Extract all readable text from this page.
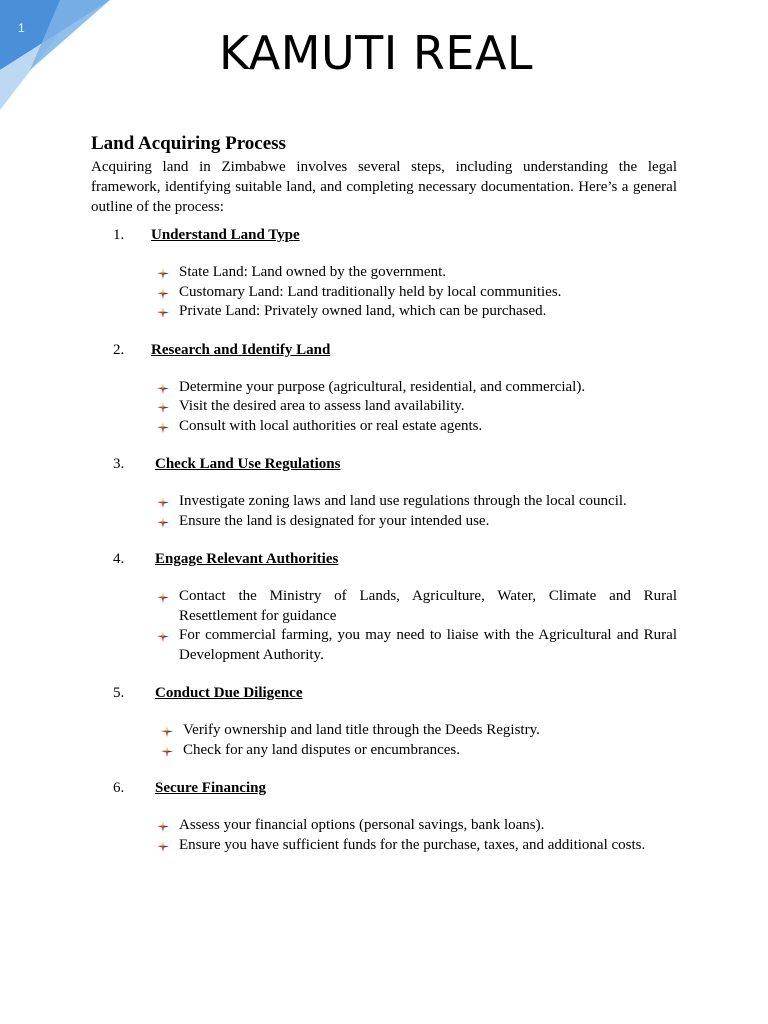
1	KAMUTI REAL
Land Acquiring Process

Acquiring land in Zimbabwe involves several steps, including understanding the legal framework, identifying suitable land, and completing necessary documentation. Here’s a general outline of the process:

1.	Understand Land Type
State Land: Land owned by the government.
Customary Land: Land traditionally held by local communities.
Private Land: Privately owned land, which can be purchased.
2.	Research and Identify Land
Determine your purpose (agricultural, residential, and commercial).
Visit the desired area to assess land availability.
Consult with local authorities or real estate agents.
3.	Check Land Use Regulations
Investigate zoning laws and land use regulations through the local council.
Ensure the land is designated for your intended use.
4.	Engage Relevant Authorities
Contact the Ministry of Lands, Agriculture, Water, Climate and Rural Resettlement for guidance
For commercial farming, you may need to liaise with the Agricultural and Rural Development Authority.
5.	Conduct Due Diligence
Verify ownership and land title through the Deeds Registry.
Check for any land disputes or encumbrances.
6.	Secure Financing
Assess your financial options (personal savings, bank loans).
Ensure you have sufficient funds for the purchase, taxes, and additional costs.
